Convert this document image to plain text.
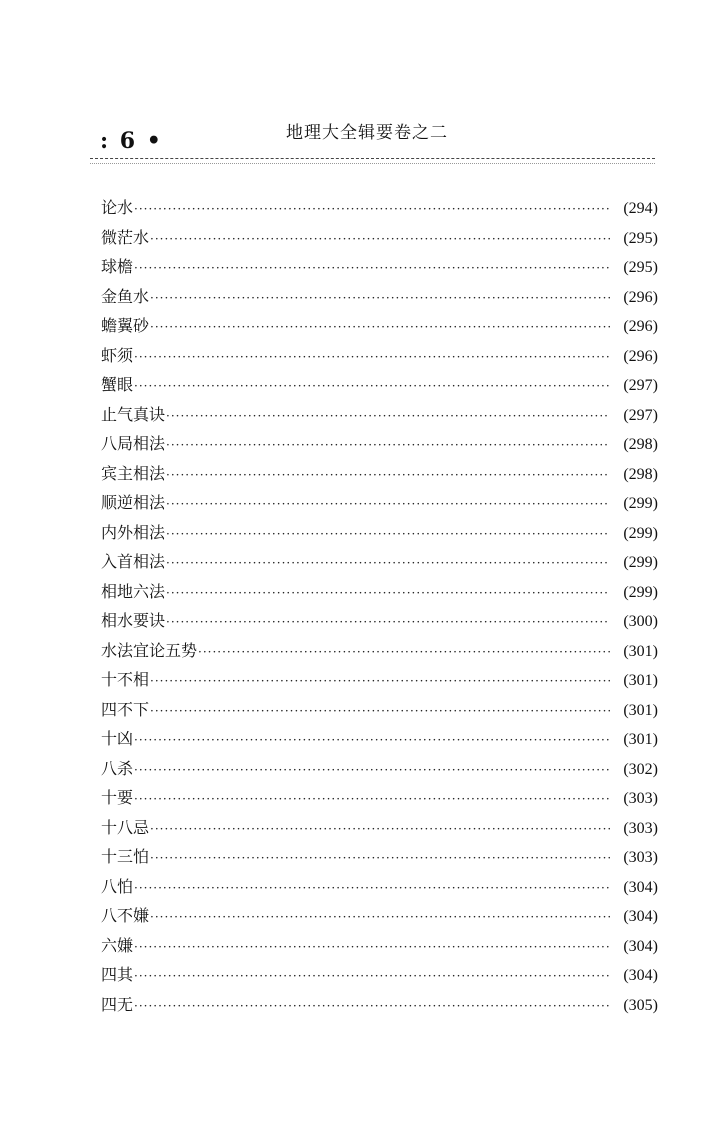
: 6 •	地理大全辑要卷之二
论水 ·····	(294)
微茫水 ·····	(295)
球檐 ·····	(295)
金鱼水 ·····	(296)
蟾翼砂 ·····	(296)
虾须 ·····	(296)
蟹眼 ·····	(297)
止气真诀 ·····	(297)
八局相法 ·····	(298)
宾主相法 ·····	(298)
顺逆相法 ·····	(299)
内外相法 ·····	(299)
入首相法 ·····	(299)
相地六法 ·····	(299)
相水要诀 ·····	(300)
水法宜论五势 ·····	(301)
十不相 ·····	(301)
四不下 ·····	(301)
十凶 ·····	(301)
八杀 ·····	(302)
十要 ·····	(303)
十八忌 ·····	(303)
十三怕 ·····	(303)
八怕 ·····	(304)
八不嫌 ·····	(304)
六嫌 ·····	(304)
四其 ·····	(304)
四无 ·····	(305)
